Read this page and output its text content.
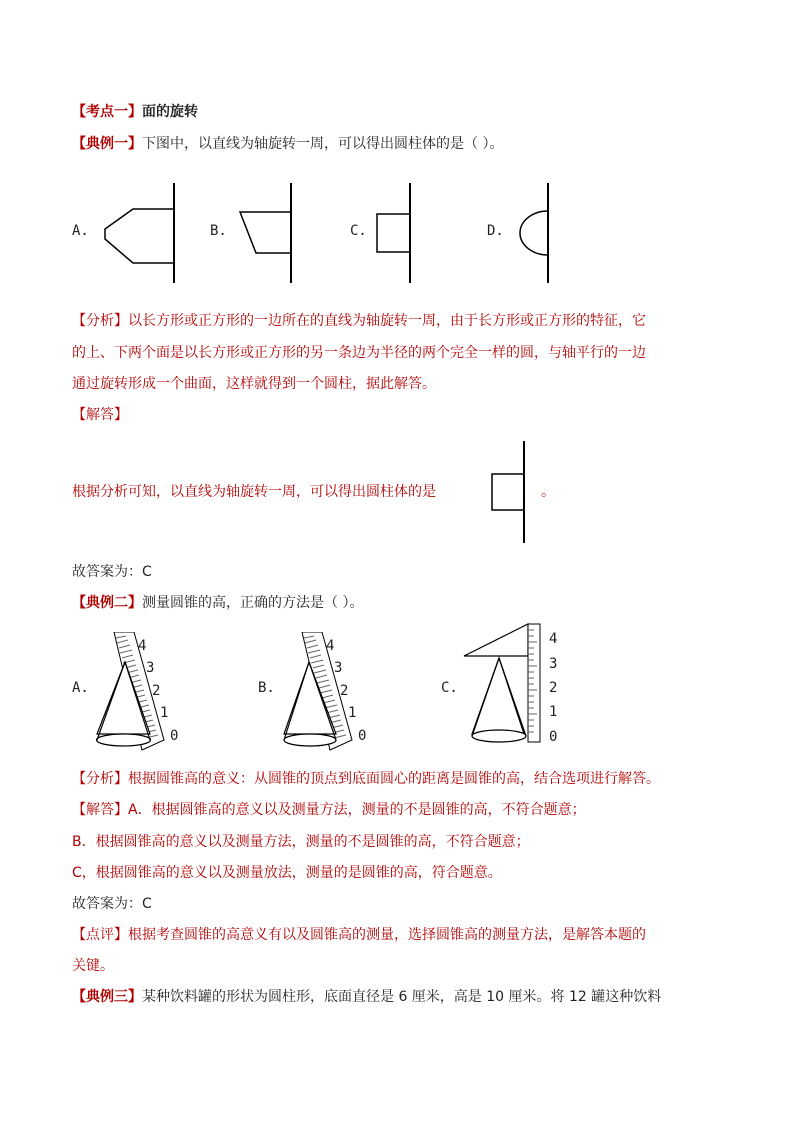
【考点一】面的旋转
【典例一】下图中，以直线为轴旋转一周，可以得出圆柱体的是（ ）。
A.	B.	C.	D.
【分析】以长方形或正方形的一边所在的直线为轴旋转一周，由于长方形或正方形的特征，它
的上、下两个面是以长方形或正方形的另一条边为半径的两个完全一样的圆，与轴平行的一边
通过旋转形成一个曲面，这样就得到一个圆柱，据此解答。
【解答】
根据分析可知，以直线为轴旋转一周，可以得出圆柱体的是	。
故答案为：C
【典例二】测量圆锥的高，正确的方法是（ ）。
A.
4
3
2
1
0
B.
4
3
2
1
0
C.
4
3
2
1
0
【分析】根据圆锥高的意义：从圆锥的顶点到底面圆心的距离是圆锥的高，结合选项进行解答。
【解答】A．根据圆锥高的意义以及测量方法，测量的不是圆锥的高，不符合题意；
B．根据圆锥高的意义以及测量方法，测量的不是圆锥的高，不符合题意；
C，根据圆锥高的意义以及测量放法，测量的是圆锥的高，符合题意。
故答案为：C
【点评】根据考查圆锥的高意义有以及圆锥高的测量，选择圆锥高的测量方法，是解答本题的
关键。
【典例三】某种饮料罐的形状为圆柱形，底面直径是 6 厘米，高是 10 厘米。将 12 罐这种饮料
